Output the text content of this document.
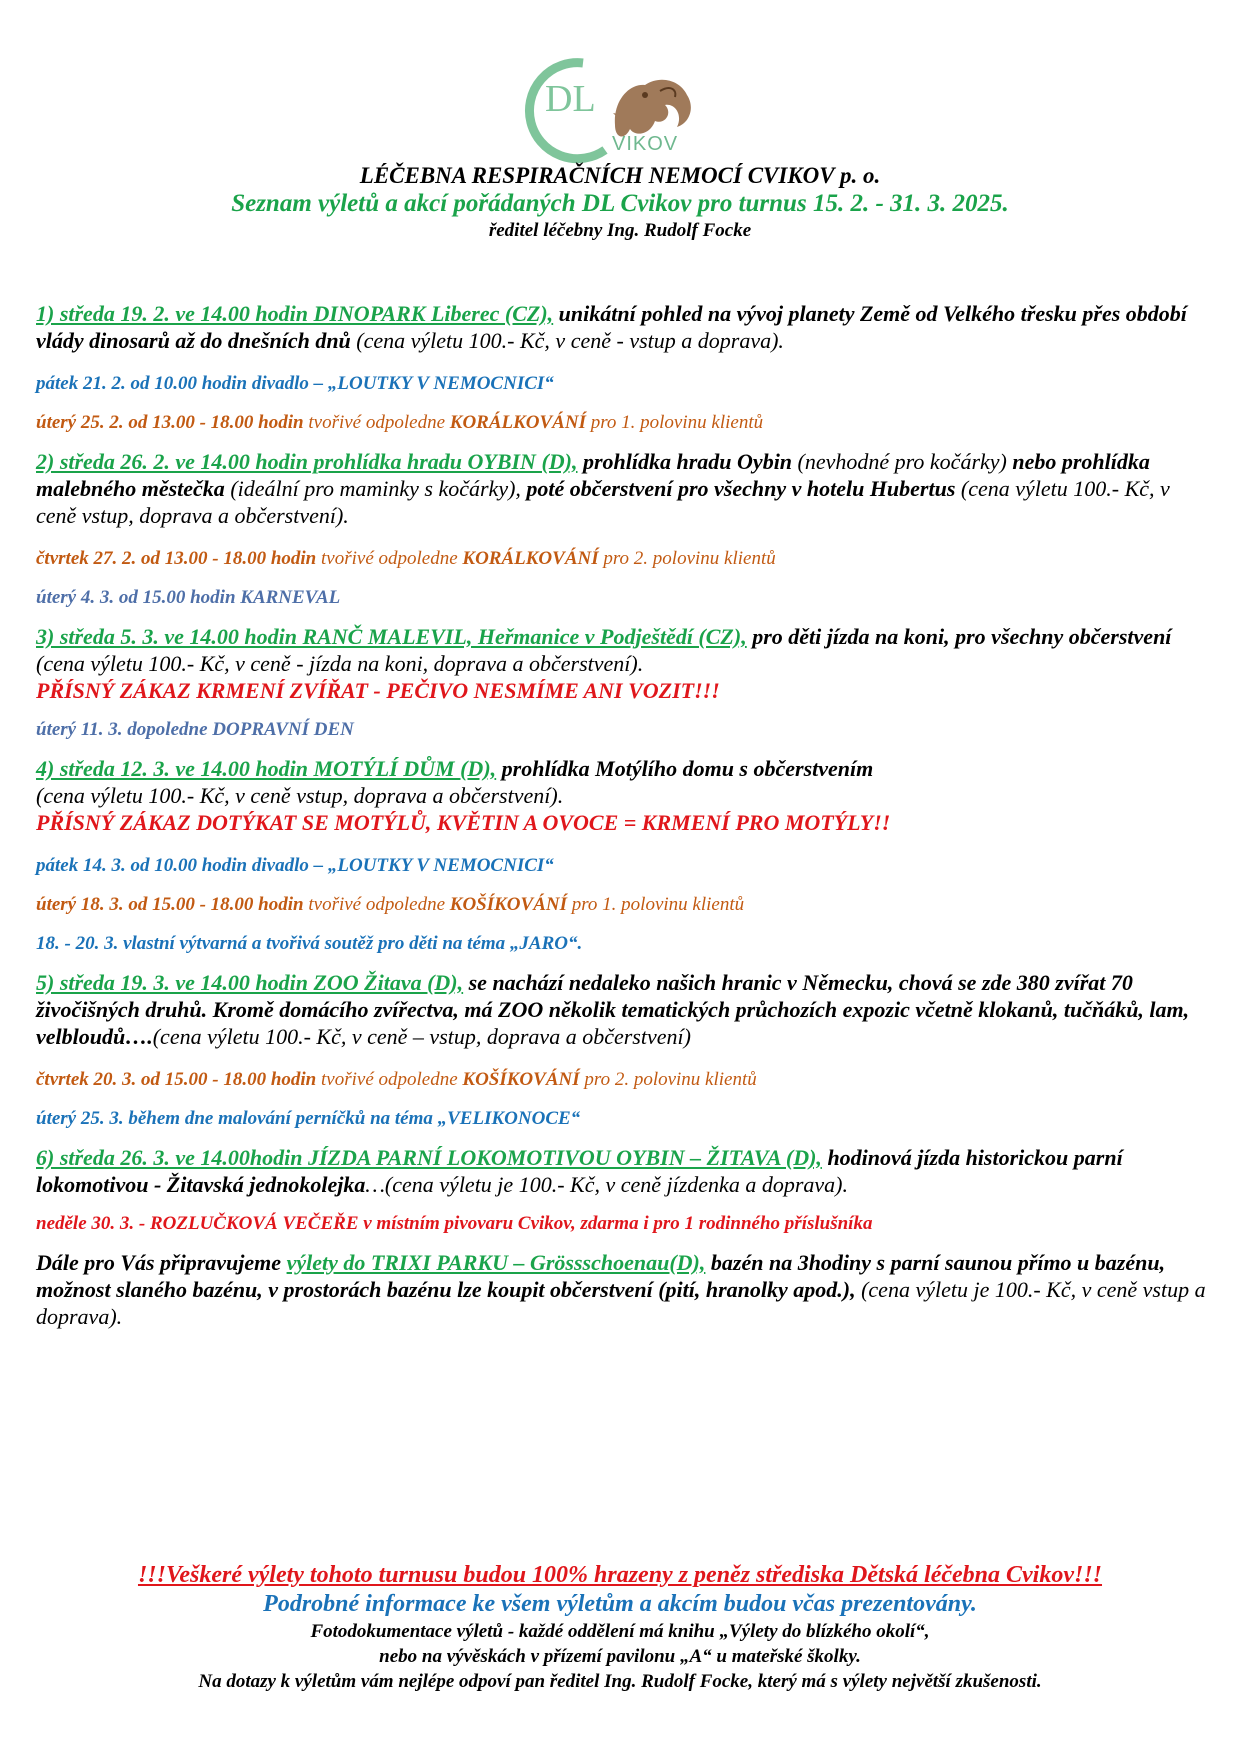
DL
VIKOV
LÉČEBNA RESPIRAČNÍCH NEMOCÍ CVIKOV p. o.
Seznam výletů a akcí pořádaných DL Cvikov pro turnus 15. 2. - 31. 3. 2025.
ředitel léčebny Ing. Rudolf Focke

1) středa 19. 2. ve 14.00 hodin DINOPARK Liberec (CZ), unikátní pohled na vývoj planety Země od Velkého třesku přes období vlády dinosarů až do dnešních dnů (cena výletu 100.- Kč, v ceně - vstup a doprava).

pátek 21. 2. od 10.00 hodin divadlo – „LOUTKY V NEMOCNICI“

úterý 25. 2. od 13.00 - 18.00 hodin tvořivé odpoledne KORÁLKOVÁNÍ pro 1. polovinu klientů

2) středa 26. 2. ve 14.00 hodin prohlídka hradu OYBIN (D), prohlídka hradu Oybin (nevhodné pro kočárky) nebo prohlídka malebného městečka (ideální pro maminky s kočárky), poté občerstvení pro všechny v hotelu Hubertus (cena výletu 100.- Kč, v ceně vstup, doprava a občerstvení).

čtvrtek 27. 2. od 13.00 - 18.00 hodin tvořivé odpoledne KORÁLKOVÁNÍ pro 2. polovinu klientů

úterý 4. 3. od 15.00 hodin KARNEVAL

3) středa 5. 3. ve 14.00 hodin RANČ MALEVIL, Heřmanice v Podještědí (CZ), pro děti jízda na koni, pro všechny občerstvení (cena výletu 100.- Kč, v ceně - jízda na koni, doprava a občerstvení).
PŘÍSNÝ ZÁKAZ KRMENÍ ZVÍŘAT - PEČIVO NESMÍME ANI VOZIT!!!

úterý 11. 3. dopoledne DOPRAVNÍ DEN

4) středa 12. 3. ve 14.00 hodin MOTÝLÍ DŮM (D), prohlídka Motýlího domu s občerstvením
(cena výletu 100.- Kč, v ceně vstup, doprava a občerstvení).
PŘÍSNÝ ZÁKAZ DOTÝKAT SE MOTÝLŮ, KVĚTIN A OVOCE = KRMENÍ PRO MOTÝLY!!

pátek 14. 3. od 10.00 hodin divadlo – „LOUTKY V NEMOCNICI“

úterý 18. 3. od 15.00 - 18.00 hodin tvořivé odpoledne KOŠÍKOVÁNÍ pro 1. polovinu klientů

18. - 20. 3. vlastní výtvarná a tvořivá soutěž pro děti na téma „JARO“.

5) středa 19. 3. ve 14.00 hodin ZOO Žitava (D), se nachází nedaleko našich hranic v Německu, chová se zde 380 zvířat 70 živočišných druhů. Kromě domácího zvířectva, má ZOO několik tematických průchozích expozic včetně klokanů, tučňáků, lam, velbloudů….(cena výletu 100.- Kč, v ceně – vstup, doprava a občerstvení)

čtvrtek 20. 3. od 15.00 - 18.00 hodin tvořivé odpoledne KOŠÍKOVÁNÍ pro 2. polovinu klientů

úterý 25. 3. během dne malování perníčků na téma „VELIKONOCE“

6) středa 26. 3. ve 14.00hodin JÍZDA PARNÍ LOKOMOTIVOU OYBIN – ŽITAVA (D), hodinová jízda historickou parní lokomotivou - Žitavská jednokolejka…(cena výletu je 100.- Kč, v ceně jízdenka a doprava).

neděle 30. 3. - ROZLUČKOVÁ VEČEŘE v místním pivovaru Cvikov, zdarma i pro 1 rodinného příslušníka

Dále pro Vás připravujeme výlety do TRIXI PARKU – Grössschoenau(D), bazén na 3hodiny s parní saunou přímo u bazénu, možnost slaného bazénu, v prostorách bazénu lze koupit občerstvení (pití, hranolky apod.), (cena výletu je 100.- Kč, v ceně vstup a doprava).

!!!Veškeré výlety tohoto turnusu budou 100% hrazeny z peněz střediska Dětská léčebna Cvikov!!!
Podrobné informace ke všem výletům a akcím budou včas prezentovány.
Fotodokumentace výletů - každé oddělení má knihu „Výlety do blízkého okolí“,
nebo na vývěskách v přízemí pavilonu „A“ u mateřské školky.
Na dotazy k výletům vám nejlépe odpoví pan ředitel Ing. Rudolf Focke, který má s výlety největší zkušenosti.
